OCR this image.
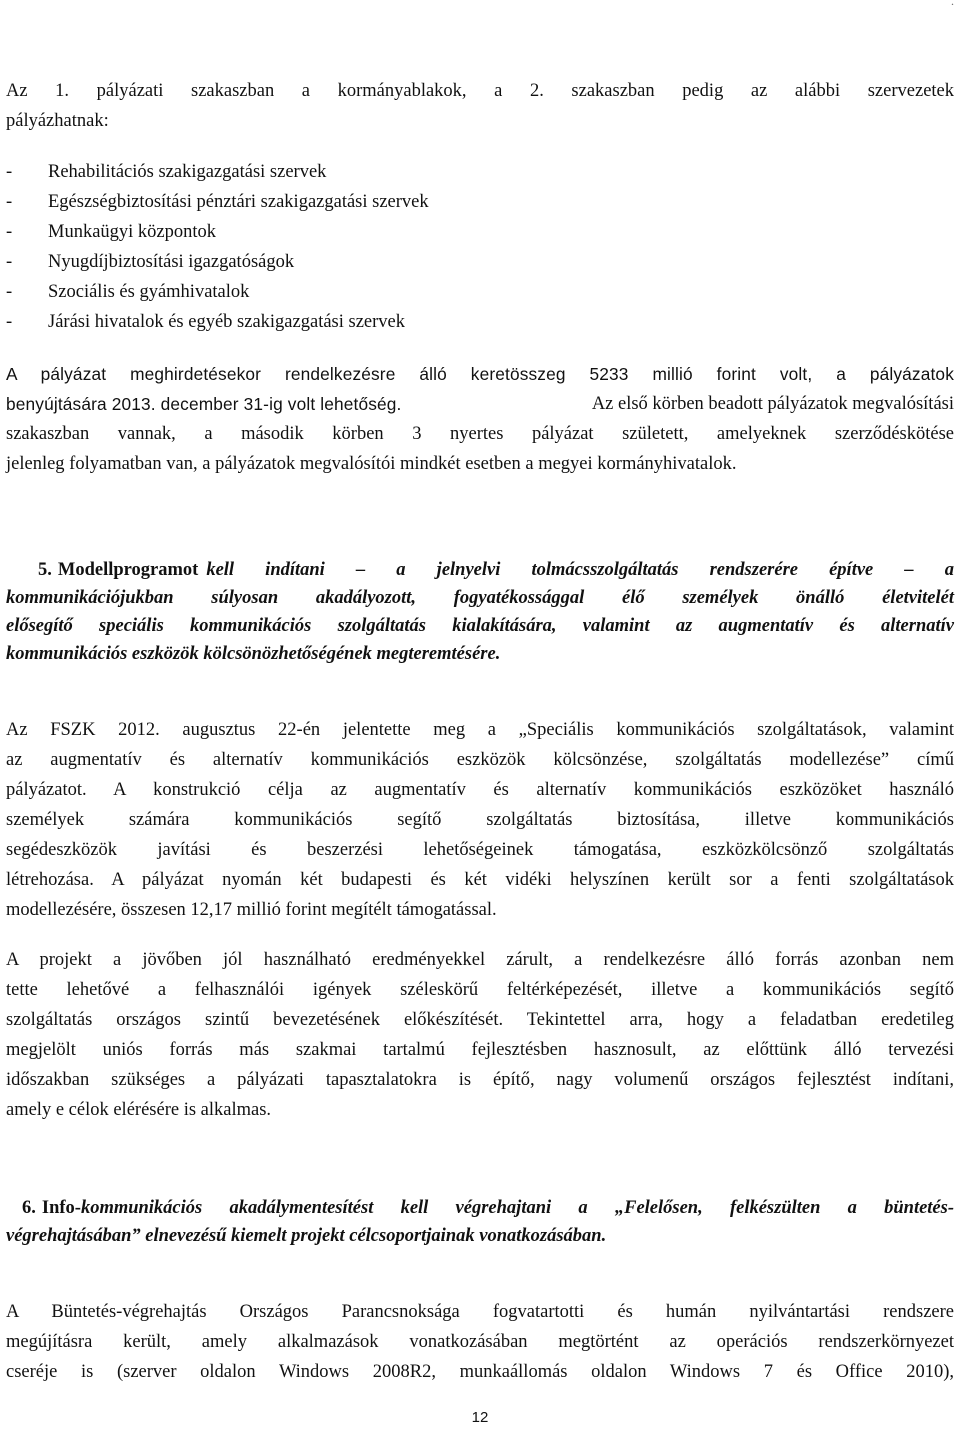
.
Az 1. pályázati szakaszban a kormányablakok, a 2. szakaszban pedig az alábbi szervezetek
pályázhatnak:
- Rehabilitációs szakigazgatási szervek
- Egészségbiztosítási pénztári szakigazgatási szervek
- Munkaügyi központok
- Nyugdíjbiztosítási igazgatóságok
- Szociális és gyámhivatalok
- Járási hivatalok és egyéb szakigazgatási szervek
A pályázat meghirdetésekor rendelkezésre álló keretösszeg 5233 millió forint volt, a pályázatok
benyújtására 2013. december 31-ig volt lehetőség.	Az első körben beadott pályázatok megvalósítási
szakaszban vannak, a második körben 3 nyertes pályázat született, amelyeknek szerződéskötése
jelenleg folyamatban van, a pályázatok megvalósítói mindkét esetben a megyei kormányhivatalok.
5. Modellprogramot kell indítani – a jelnyelvi tolmácsszolgáltatás rendszerére építve – a
kommunikációjukban súlyosan akadályozott, fogyatékossággal élő személyek önálló életvitelét
elősegítő speciális kommunikációs szolgáltatás kialakítására, valamint az augmentatív és alternatív
kommunikációs eszközök kölcsönözhetőségének megteremtésére.
Az FSZK 2012. augusztus 22-én jelentette meg a „Speciális kommunikációs szolgáltatások, valamint
az augmentatív és alternatív kommunikációs eszközök kölcsönzése, szolgáltatás modellezése” című
pályázatot. A konstrukció célja az augmentatív és alternatív kommunikációs eszközöket használó
személyek számára kommunikációs segítő szolgáltatás biztosítása, illetve kommunikációs
segédeszközök javítási és beszerzési lehetőségeinek támogatása, eszközkölcsönző szolgáltatás
létrehozása. A pályázat nyomán két budapesti és két vidéki helyszínen került sor a fenti szolgáltatások
modellezésére, összesen 12,17 millió forint megítélt támogatással.
A projekt a jövőben jól használható eredményekkel zárult, a rendelkezésre álló forrás azonban nem
tette lehetővé a felhasználói igények széleskörű feltérképezését, illetve a kommunikációs segítő
szolgáltatás országos szintű bevezetésének előkészítését. Tekintettel arra, hogy a feladatban eredetileg
megjelölt uniós forrás más szakmai tartalmú fejlesztésben hasznosult, az előttünk álló tervezési
időszakban szükséges a pályázati tapasztalatokra is építő, nagy volumenű országos fejlesztést indítani,
amely e célok elérésére is alkalmas.
6. Info- kommunikációs akadálymentesítést kell végrehajtani a „Felelősen, felkészülten a büntetés-
végrehajtásában” elnevezésű kiemelt projekt célcsoportjainak vonatkozásában.
A Büntetés-végrehajtás Országos Parancsnoksága fogvatartotti és humán nyilvántartási rendszere
megújításra került, amely alkalmazások vonatkozásában megtörtént az operációs rendszerkörnyezet
cseréje is (szerver oldalon Windows 2008R2, munkaállomás oldalon Windows 7 és Office 2010),
12
